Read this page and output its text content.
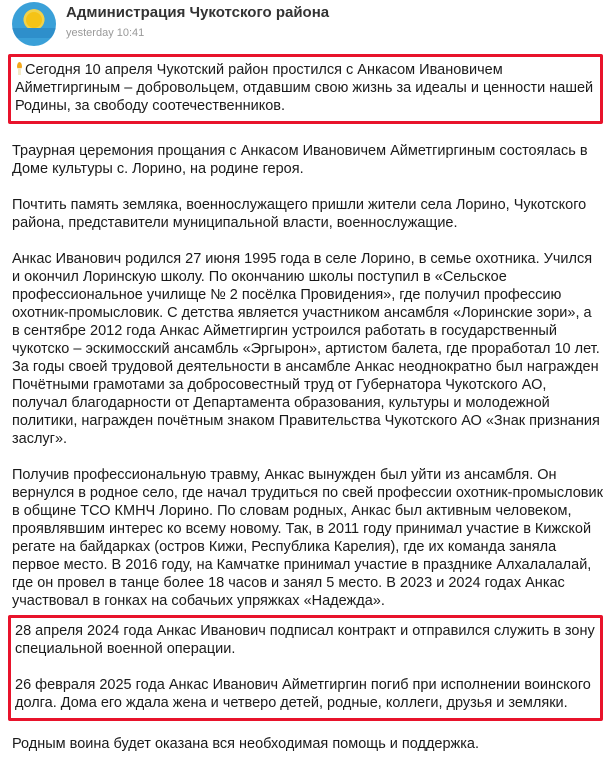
Администрация Чукотского района
yesterday 10:41

Сегодня 10 апреля Чукотский район простился с Анкасом Ивановичем Айметгиргиным – добровольцем, отдавшим свою жизнь за идеалы и ценности нашей Родины, за свободу соотечественников.

Траурная церемония прощания с Анкасом Ивановичем Айметгиргиным состоялась в Доме культуры с. Лорино, на родине героя.

Почтить память земляка, военнослужащего пришли жители села Лорино, Чукотского района, представители муниципальной власти, военнослужащие.

Анкас Иванович родился 27 июня 1995 года в селе Лорино, в семье охотника. Учился и окончил Лоринскую школу. По окончанию школы поступил в «Сельское профессиональное училище № 2 посёлка Провидения», где получил профессию охотник-промысловик. С детства является участником ансамбля «Лоринские зори», а в сентябре 2012 года Анкас Айметгиргин устроился работать в государственный чукотско – эскимосский ансамбль «Эргырон», артистом балета, где проработал 10 лет. За годы своей трудовой деятельности в ансамбле Анкас неоднократно был награжден Почётными грамотами за добросовестный труд от Губернатора Чукотского АО, получал благодарности от Департамента образования, культуры и молодежной политики, награжден почётным знаком Правительства Чукотского АО «Знак признания заслуг».

Получив профессиональную травму, Анкас вынужден был уйти из ансамбля. Он вернулся в родное село, где начал трудиться по свей профессии охотник-промысловик в общине ТСО КМНЧ Лорино. По словам родных, Анкас был активным человеком, проявлявшим интерес ко всему новому. Так, в 2011 году принимал участие в Кижской регате на байдарках (остров Кижи, Республика Карелия), где их команда заняла первое место. В 2016 году, на Камчатке принимал участие в празднике Алхалалалай, где он провел в танце более 18 часов и занял 5 место. В 2023 и 2024 годах Анкас участвовал в гонках на собачьих упряжках «Надежда».

28 апреля 2024 года Анкас Иванович подписал контракт и отправился служить в зону специальной военной операции.

26 февраля 2025 года Анкас Иванович Айметгиргин погиб при исполнении воинского долга. Дома его ждала жена и четверо детей, родные, коллеги, друзья и земляки.

Родным воина будет оказана вся необходимая помощь и поддержка.
